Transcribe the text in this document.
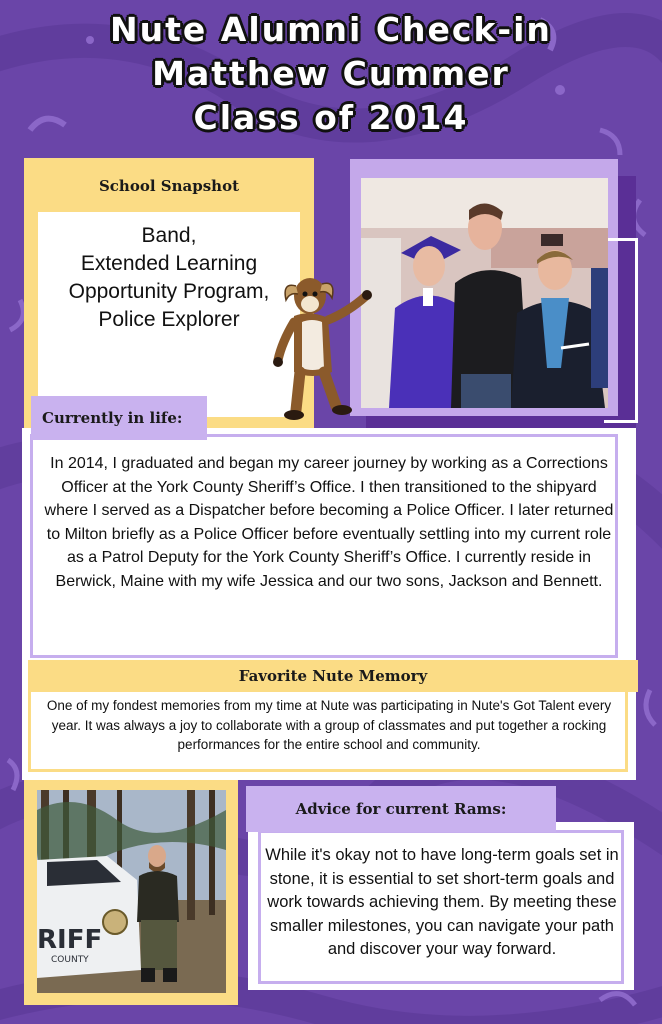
Nute Alumni Check-in
Matthew Cummer
Class of 2014
School Snapshot
Band,
Extended Learning
Opportunity Program,
Police Explorer
Currently in life:
In 2014, I graduated and began my career journey by working as a Corrections Officer at the York County Sheriff’s Office. I then transitioned to the shipyard where I served as a Dispatcher before becoming a Police Officer. I later returned to Milton briefly as a Police Officer before eventually settling into my current role as a Patrol Deputy for the York County Sheriff’s Office. I currently reside in Berwick, Maine with my wife Jessica and our two sons, Jackson and Bennett.
Favorite Nute Memory
One of my fondest memories from my time at Nute was participating in Nute's Got Talent every year. It was always a joy to collaborate with a group of classmates and put together a rocking performances for the entire school and community.
RIFF
COUNTY
Advice for current Rams:
While it's okay not to have long-term goals set in stone, it is essential to set short-term goals and work towards achieving them. By meeting these smaller milestones, you can navigate your path and discover your way forward.
